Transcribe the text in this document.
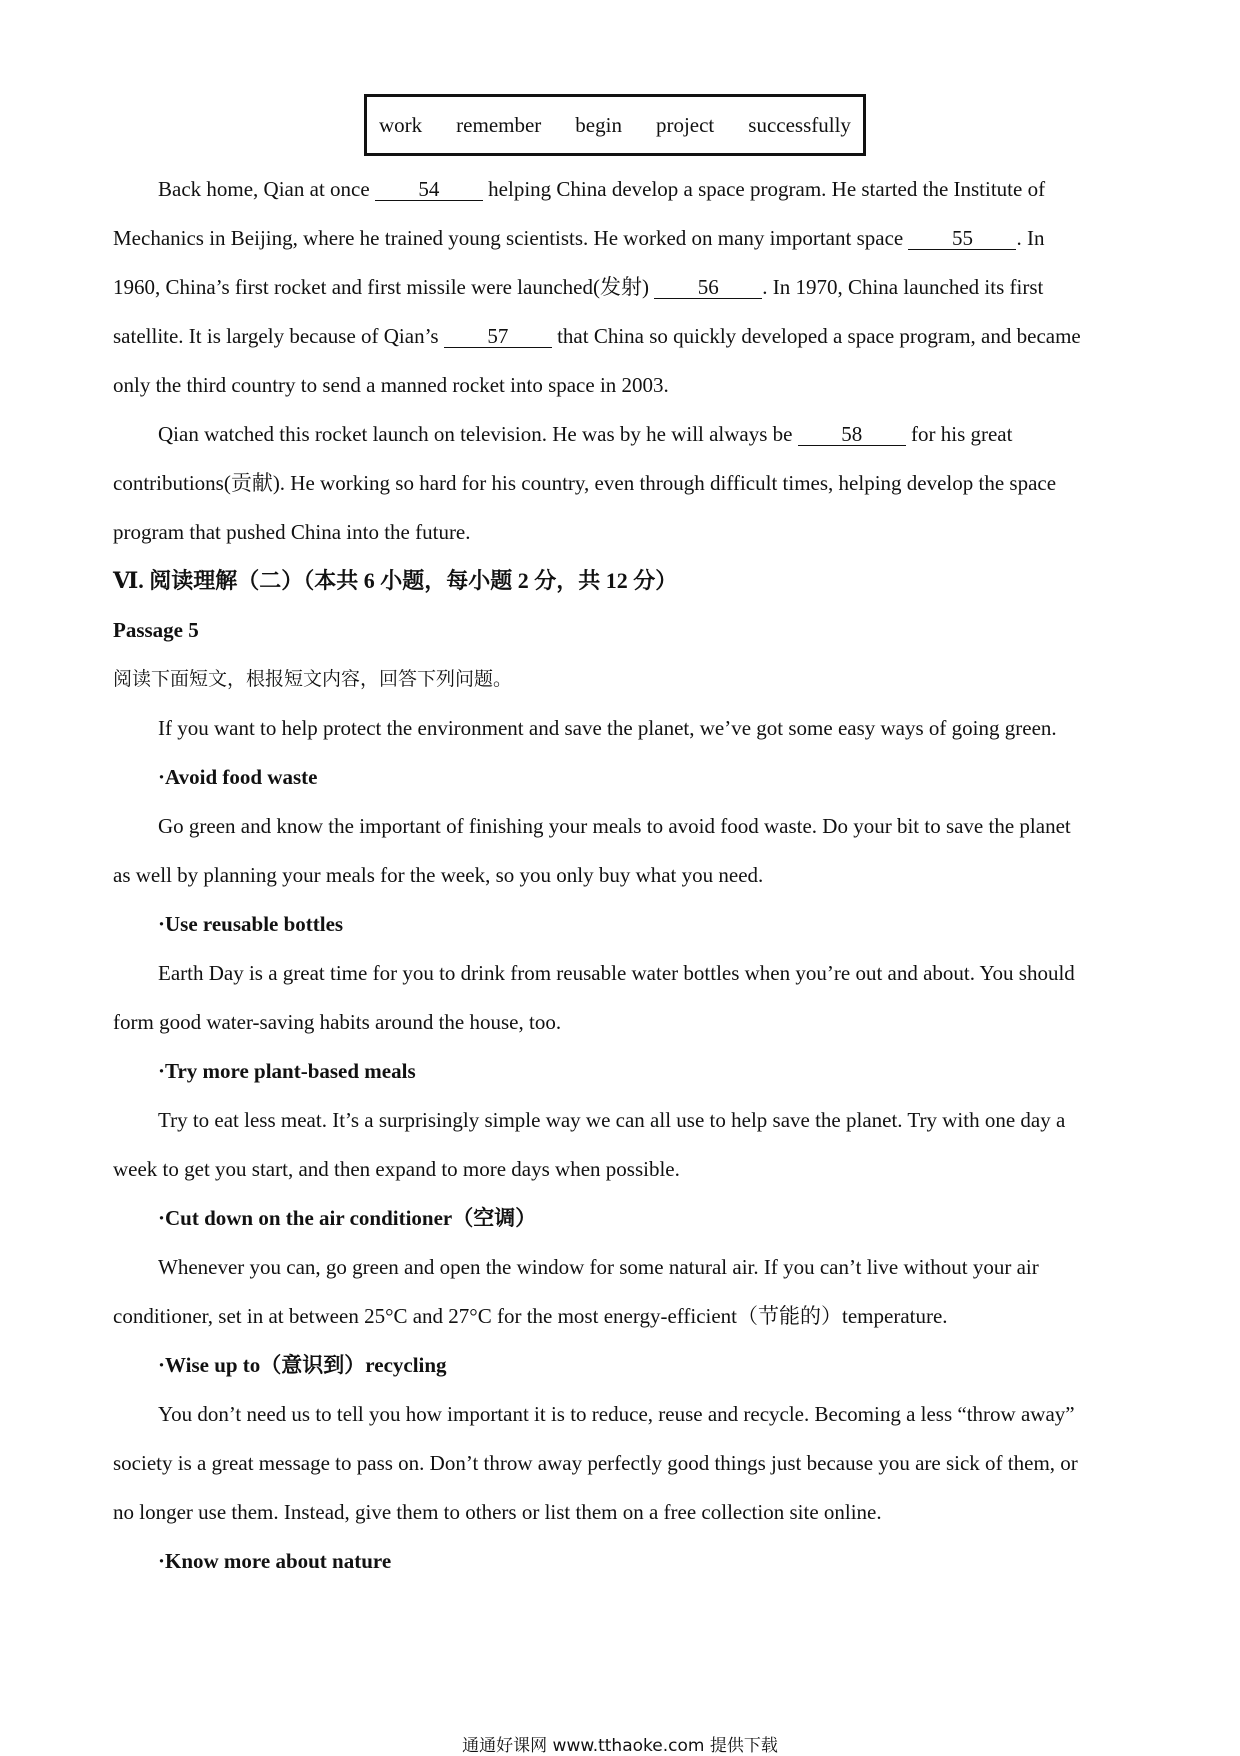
work remember begin project successfully
Back home, Qian at once 54 helping China develop a space program. He started the Institute of
Mechanics in Beijing, where he trained young scientists. He worked on many important space 55 . In
1960, China’s first rocket and first missile were launched(发射) 56 . In 1970, China launched its first
satellite. It is largely because of Qian’s 57 that China so quickly developed a space program, and became
only the third country to send a manned rocket into space in 2003.
Qian watched this rocket launch on television. He was by he will always be 58 for his great
contributions(贡献). He working so hard for his country, even through difficult times, helping develop the space
program that pushed China into the future.
Ⅵ. 阅读理解（二）（本共 6 小题，每小题 2 分，共 12 分）
Passage 5
阅读下面短文，根报短文内容，回答下列问题。
If you want to help protect the environment and save the planet, we’ve got some easy ways of going green.
·Avoid food waste
Go green and know the important of finishing your meals to avoid food waste. Do your bit to save the planet
as well by planning your meals for the week, so you only buy what you need.
·Use reusable bottles
Earth Day is a great time for you to drink from reusable water bottles when you’re out and about. You should
form good water-saving habits around the house, too.
·Try more plant-based meals
Try to eat less meat. It’s a surprisingly simple way we can all use to help save the planet. Try with one day a
week to get you start, and then expand to more days when possible.
·Cut down on the air conditioner（空调）
Whenever you can, go green and open the window for some natural air. If you can’t live without your air
conditioner, set in at between 25°C and 27°C for the most energy-efficient（节能的）temperature.
·Wise up to（意识到）recycling
You don’t need us to tell you how important it is to reduce, reuse and recycle. Becoming a less “throw away”
society is a great message to pass on. Don’t throw away perfectly good things just because you are sick of them, or
no longer use them. Instead, give them to others or list them on a free collection site online.
·Know more about nature
通通好课网 www.tthaoke.com 提供下载
